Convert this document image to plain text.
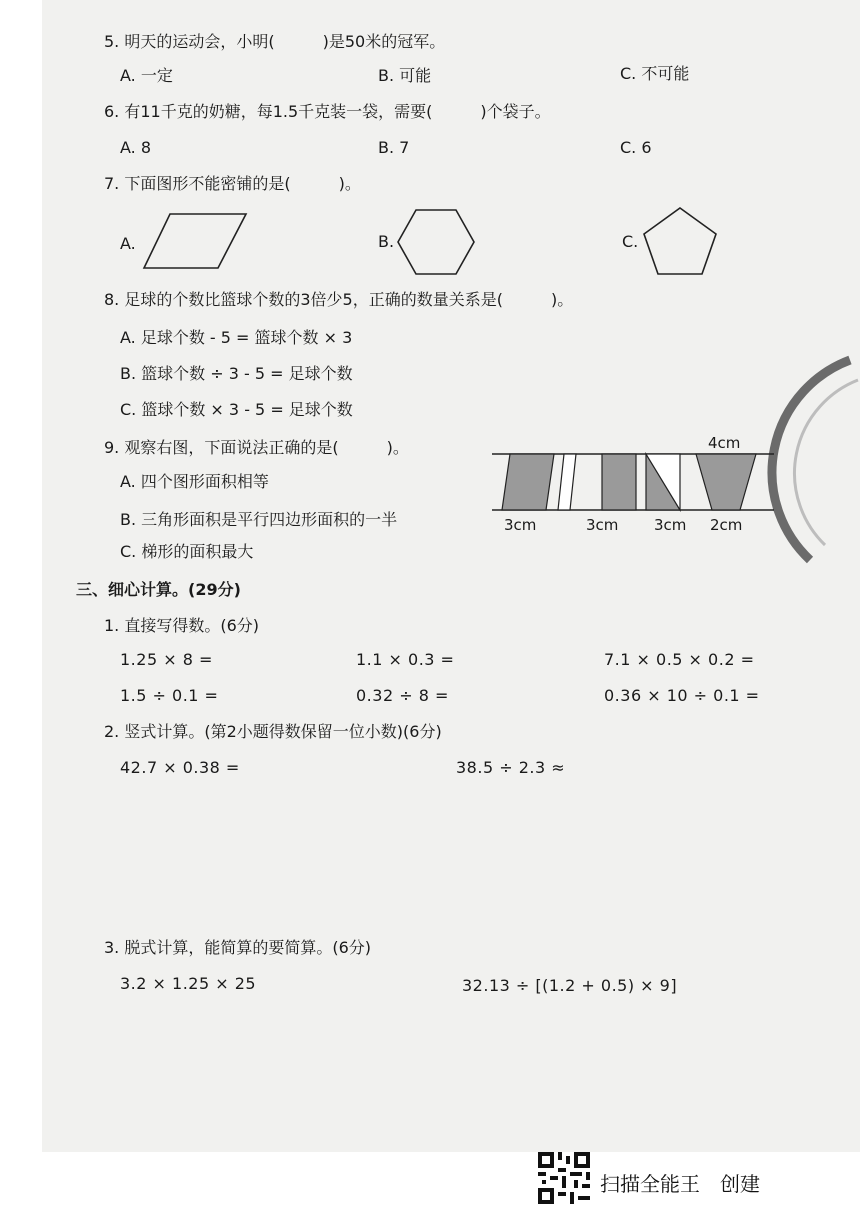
5. 明天的运动会，小明(　　　)是50米的冠军。
A. 一定	B. 可能	C. 不可能
6. 有11千克的奶糖，每1.5千克装一袋，需要(　　　)个袋子。
A. 8	B. 7	C. 6
7. 下面图形不能密铺的是(　　　)。
A.	B.	C.
8. 足球的个数比篮球个数的3倍少5，正确的数量关系是(　　　)。
A. 足球个数 - 5 = 篮球个数 × 3
B. 篮球个数 ÷ 3 - 5 = 足球个数
C. 篮球个数 × 3 - 5 = 足球个数
9. 观察右图，下面说法正确的是(　　　)。
A. 四个图形面积相等
B. 三角形面积是平行四边形面积的一半
C. 梯形的面积最大
4cm
3cm	3cm 3cm 2cm
三、细心计算。(29分)
1. 直接写得数。(6分)
1.25 × 8 =	1.1 × 0.3 =	7.1 × 0.5 × 0.2 =
1.5 ÷ 0.1 =	0.32 ÷ 8 =	0.36 × 10 ÷ 0.1 =
2. 竖式计算。(第2小题得数保留一位小数)(6分)
42.7 × 0.38 =	38.5 ÷ 2.3 ≈
3. 脱式计算，能简算的要简算。(6分)
3.2 × 1.25 × 25	32.13 ÷ [(1.2 + 0.5) × 9]
扫描全能王　创建
